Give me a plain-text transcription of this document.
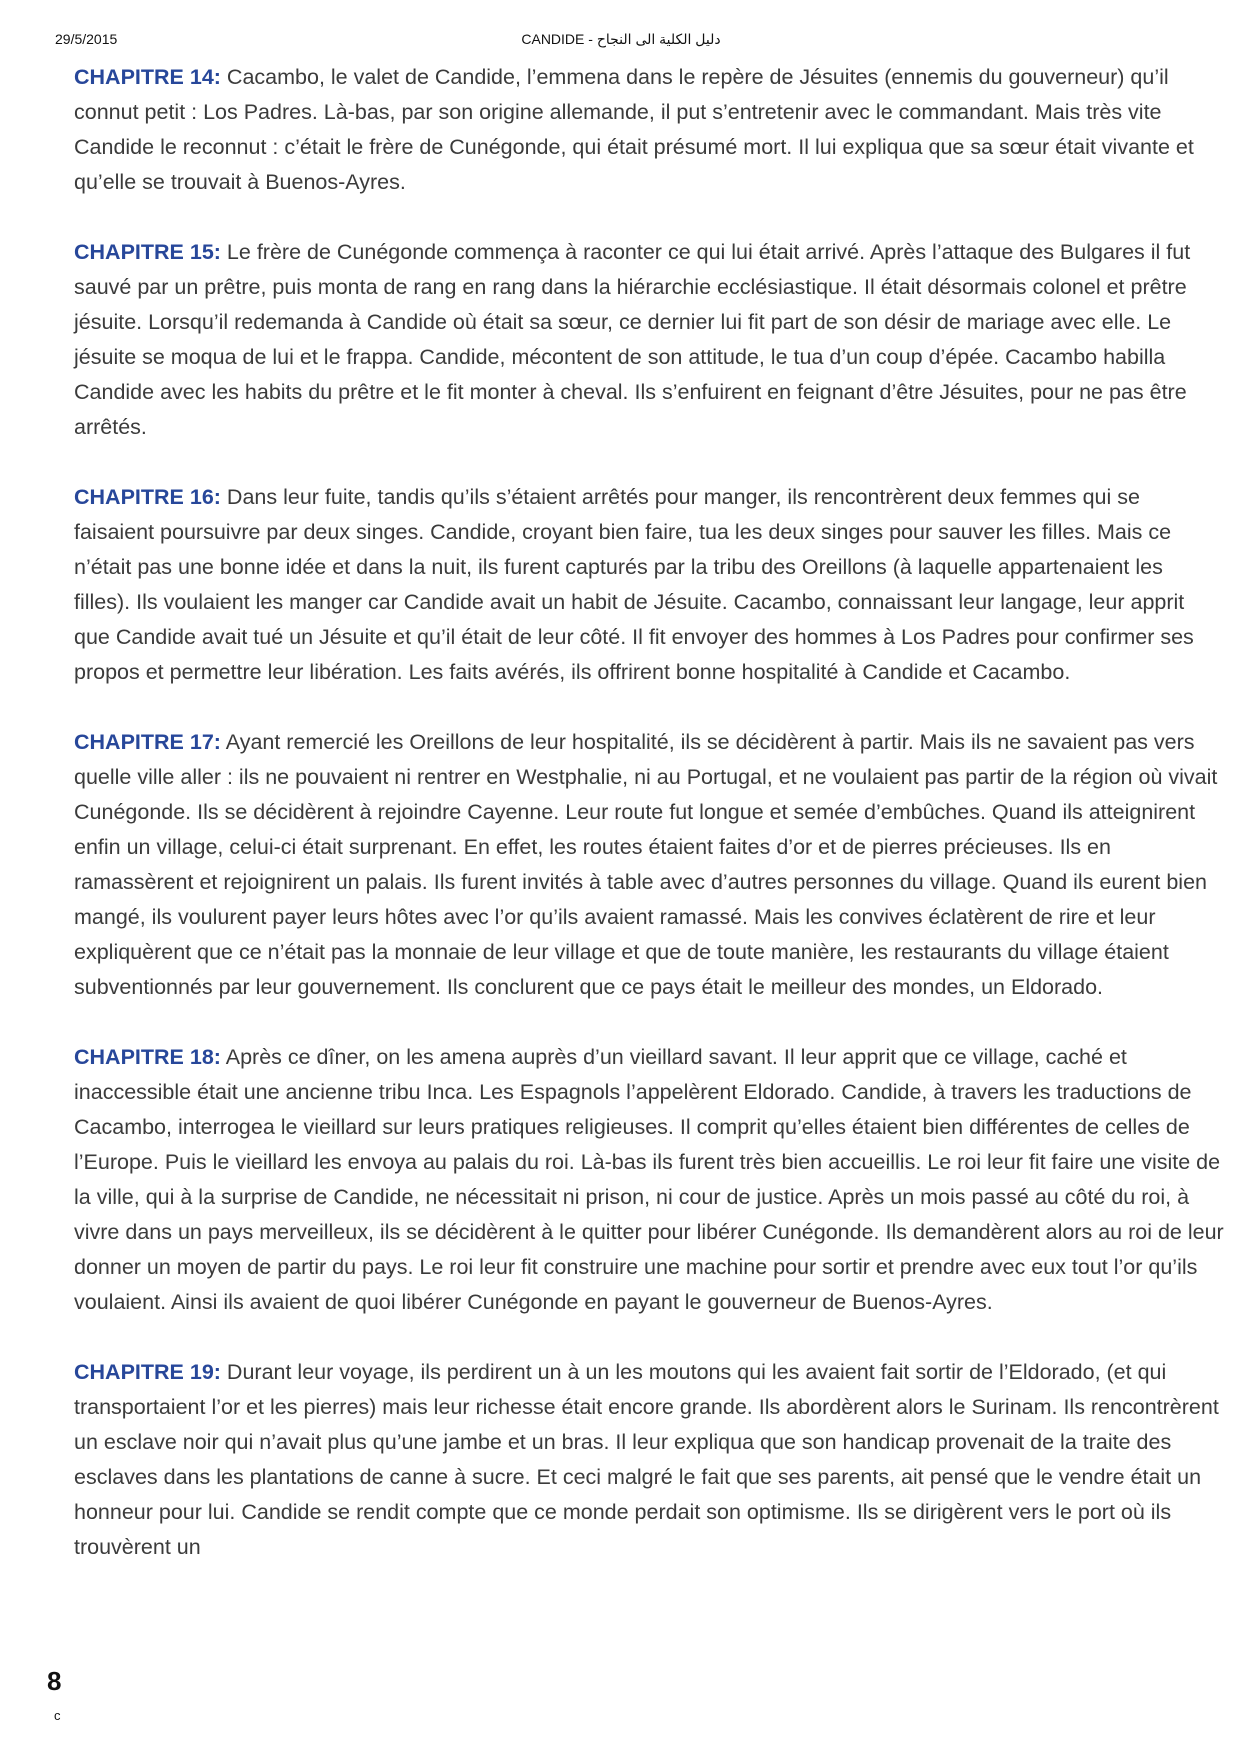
29/5/2015	CANDIDE - دليل الكلية الى النجاح

CHAPITRE 14: Cacambo, le valet de Candide, l’emmena dans le repère de Jésuites (ennemis du gouverneur) qu’il connut petit : Los Padres. Là-bas, par son origine allemande, il put s’entretenir avec le commandant. Mais très vite Candide le reconnut : c’était le frère de Cunégonde, qui était présumé mort. Il lui expliqua que sa sœur était vivante et qu’elle se trouvait à Buenos-Ayres.

CHAPITRE 15: Le frère de Cunégonde commença à raconter ce qui lui était arrivé. Après l’attaque des Bulgares il fut sauvé par un prêtre, puis monta de rang en rang dans la hiérarchie ecclésiastique. Il était désormais colonel et prêtre jésuite. Lorsqu’il redemanda à Candide où était sa sœur, ce dernier lui fit part de son désir de mariage avec elle. Le jésuite se moqua de lui et le frappa. Candide, mécontent de son attitude, le tua d’un coup d’épée. Cacambo habilla Candide avec les habits du prêtre et le fit monter à cheval. Ils s’enfuirent en feignant d’être Jésuites, pour ne pas être arrêtés.

CHAPITRE 16: Dans leur fuite, tandis qu’ils s’étaient arrêtés pour manger, ils rencontrèrent deux femmes qui se faisaient poursuivre par deux singes. Candide, croyant bien faire, tua les deux singes pour sauver les filles. Mais ce n’était pas une bonne idée et dans la nuit, ils furent capturés par la tribu des Oreillons (à laquelle appartenaient les filles). Ils voulaient les manger car Candide avait un habit de Jésuite. Cacambo, connaissant leur langage, leur apprit que Candide avait tué un Jésuite et qu’il était de leur côté. Il fit envoyer des hommes à Los Padres pour confirmer ses propos et permettre leur libération. Les faits avérés, ils offrirent bonne hospitalité à Candide et Cacambo.

CHAPITRE 17: Ayant remercié les Oreillons de leur hospitalité, ils se décidèrent à partir. Mais ils ne savaient pas vers quelle ville aller : ils ne pouvaient ni rentrer en Westphalie, ni au Portugal, et ne voulaient pas partir de la région où vivait Cunégonde. Ils se décidèrent à rejoindre Cayenne. Leur route fut longue et semée d’embûches. Quand ils atteignirent enfin un village, celui-ci était surprenant. En effet, les routes étaient faites d’or et de pierres précieuses. Ils en ramassèrent et rejoignirent un palais. Ils furent invités à table avec d’autres personnes du village. Quand ils eurent bien mangé, ils voulurent payer leurs hôtes avec l’or qu’ils avaient ramassé. Mais les convives éclatèrent de rire et leur expliquèrent que ce n’était pas la monnaie de leur village et que de toute manière, les restaurants du village étaient subventionnés par leur gouvernement. Ils conclurent que ce pays était le meilleur des mondes, un Eldorado.

CHAPITRE 18: Après ce dîner, on les amena auprès d’un vieillard savant. Il leur apprit que ce village, caché et inaccessible était une ancienne tribu Inca. Les Espagnols l’appelèrent Eldorado. Candide, à travers les traductions de Cacambo, interrogea le vieillard sur leurs pratiques religieuses. Il comprit qu’elles étaient bien différentes de celles de l’Europe. Puis le vieillard les envoya au palais du roi. Là-bas ils furent très bien accueillis. Le roi leur fit faire une visite de la ville, qui à la surprise de Candide, ne nécessitait ni prison, ni cour de justice. Après un mois passé au côté du roi, à vivre dans un pays merveilleux, ils se décidèrent à le quitter pour libérer Cunégonde. Ils demandèrent alors au roi de leur donner un moyen de partir du pays. Le roi leur fit construire une machine pour sortir et prendre avec eux tout l’or qu’ils voulaient. Ainsi ils avaient de quoi libérer Cunégonde en payant le gouverneur de Buenos-Ayres.

CHAPITRE 19: Durant leur voyage, ils perdirent un à un les moutons qui les avaient fait sortir de l’Eldorado, (et qui transportaient l’or et les pierres) mais leur richesse était encore grande. Ils abordèrent alors le Surinam. Ils rencontrèrent un esclave noir qui n’avait plus qu’une jambe et un bras. Il leur expliqua que son handicap provenait de la traite des esclaves dans les plantations de canne à sucre. Et ceci malgré le fait que ses parents, ait pensé que le vendre était un honneur pour lui. Candide se rendit compte que ce monde perdait son optimisme. Ils se dirigèrent vers le port où ils trouvèrent un

8
c
